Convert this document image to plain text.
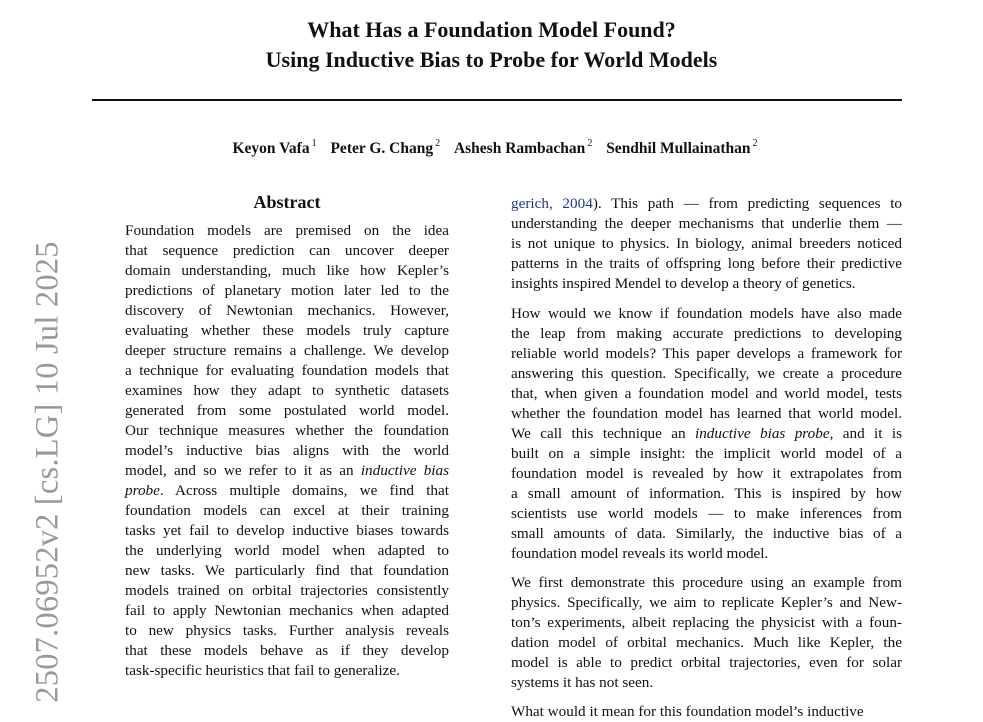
What Has a Foundation Model Found?
Using Inductive Bias to Probe for World Models
Keyon Vafa $^1$ Peter G. Chang $^2$ Ashesh Rambachan $^2$ Sendhil Mullainathan $^2$
2507.06952v2 [cs.LG] 10 Jul 2025
Abstract
Foundation models are premised on the idea
that sequence prediction can uncover deeper
domain understanding, much like how Kepler’s
predictions of planetary motion later led to the
discovery of Newtonian mechanics. However,
evaluating whether these models truly capture
deeper structure remains a challenge. We develop
a technique for evaluating foundation models that
examines how they adapt to synthetic datasets
generated from some postulated world model.
Our technique measures whether the foundation
model’s inductive bias aligns with the world
model, and so we refer to it as an inductive bias
probe. Across multiple domains, we find that
foundation models can excel at their training
tasks yet fail to develop inductive biases towards
the underlying world model when adapted to
new tasks. We particularly find that foundation
models trained on orbital trajectories consistently
fail to apply Newtonian mechanics when adapted
to new physics tasks. Further analysis reveals
that these models behave as if they develop
task-specific heuristics that fail to generalize.
gerich, 2004). This path — from predicting sequences to
understanding the deeper mechanisms that underlie them —
is not unique to physics. In biology, animal breeders noticed
patterns in the traits of offspring long before their predictive
insights inspired Mendel to develop a theory of genetics.
How would we know if foundation models have also made
the leap from making accurate predictions to developing
reliable world models? This paper develops a framework for
answering this question. Specifically, we create a procedure
that, when given a foundation model and world model, tests
whether the foundation model has learned that world model.
We call this technique an inductive bias probe, and it is
built on a simple insight: the implicit world model of a
foundation model is revealed by how it extrapolates from
a small amount of information. This is inspired by how
scientists use world models — to make inferences from
small amounts of data. Similarly, the inductive bias of a
foundation model reveals its world model.
We first demonstrate this procedure using an example from
physics. Specifically, we aim to replicate Kepler’s and New-
ton’s experiments, albeit replacing the physicist with a foun-
dation model of orbital mechanics. Much like Kepler, the
model is able to predict orbital trajectories, even for solar
systems it has not seen.
What would it mean for this foundation model’s inductive
